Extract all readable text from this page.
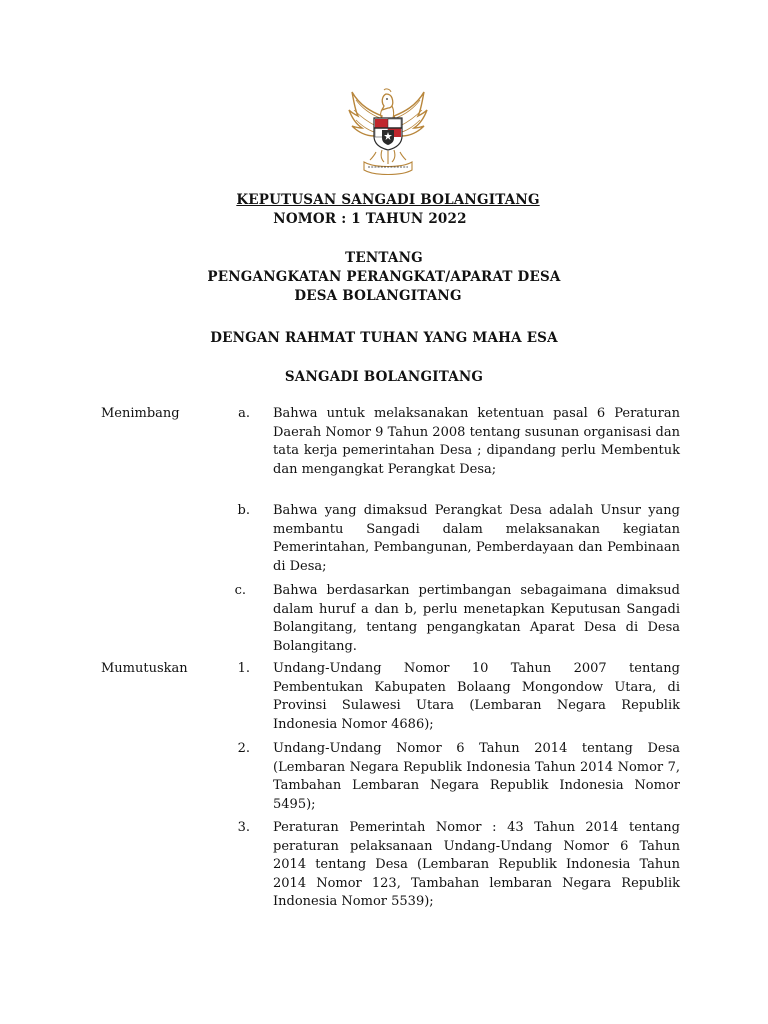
KEPUTUSAN SANGADI BOLANGITANG
NOMOR : 1 TAHUN 2022
TENTANG
PENGANGKATAN PERANGKAT/APARAT DESA
DESA BOLANGITANG
DENGAN RAHMAT TUHAN YANG MAHA ESA
SANGADI BOLANGITANG
Menimbang	a. Bahwa untuk melaksanakan ketentuan pasal 6 Peraturan Daerah Nomor 9 Tahun 2008 tentang susunan organisasi dan tata kerja pemerintahan Desa ; dipandang perlu Membentuk dan mengangkat Perangkat Desa;
b. Bahwa yang dimaksud Perangkat Desa adalah Unsur yang membantu Sangadi dalam melaksanakan kegiatan Pemerintahan, Pembangunan, Pemberdayaan dan Pembinaan di Desa;
c. Bahwa berdasarkan pertimbangan sebagaimana dimaksud dalam huruf a dan b, perlu menetapkan Keputusan Sangadi Bolangitang, tentang pengangkatan Aparat Desa di Desa Bolangitang.
Mumutuskan	1. Undang-Undang Nomor 10 Tahun 2007 tentang Pembentukan Kabupaten Bolaang Mongondow Utara, di Provinsi Sulawesi Utara (Lembaran Negara Republik Indonesia Nomor 4686);
2. Undang-Undang Nomor 6 Tahun 2014 tentang Desa (Lembaran Negara Republik Indonesia Tahun 2014 Nomor 7, Tambahan Lembaran Negara Republik Indonesia Nomor 5495);
3. Peraturan Pemerintah Nomor : 43 Tahun 2014 tentang peraturan pelaksanaan Undang-Undang Nomor 6 Tahun 2014 tentang Desa (Lembaran Republik Indonesia Tahun 2014 Nomor 123, Tambahan lembaran Negara Republik Indonesia Nomor 5539);
